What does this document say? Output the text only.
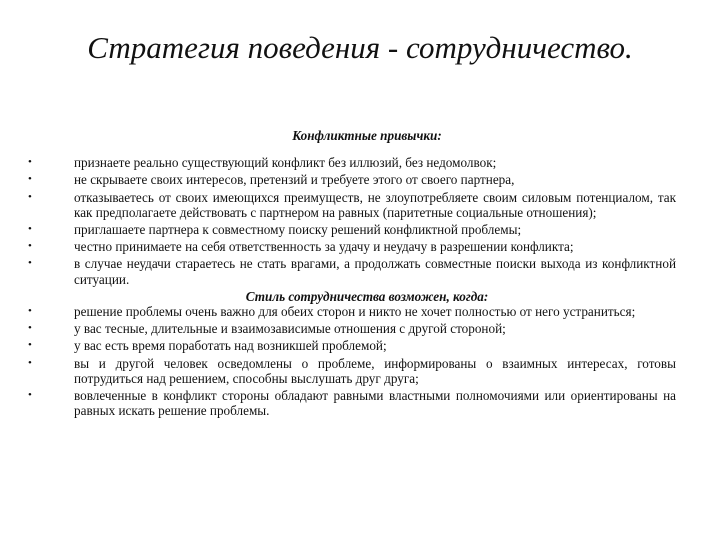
Стратегия поведения - сотрудничество.

Конфликтные привычки:

• признаете реально существующий конфликт без иллюзий, без недомолвок;
• не скрываете своих интересов, претензий и требуете этого от своего партнера,
• отказываетесь от своих имеющихся преимуществ, не злоупотребляете своим силовым потенциалом, так как предполагаете действовать с партнером на равных (паритетные социальные отношения);
• приглашаете партнера к совместному поиску решений конфликтной проблемы;
• честно принимаете на себя ответственность за удачу и неудачу в разрешении конфликта;
• в случае неудачи стараетесь не стать врагами, а продолжать совместные поиски выхода из конфликтной ситуации.

Стиль сотрудничества возможен, когда:

• решение проблемы очень важно для обеих сторон и никто не хочет полностью от него устраниться;
• у вас тесные, длительные и взаимозависимые отношения с другой стороной;
• у вас есть время поработать над возникшей проблемой;
• вы и другой человек осведомлены о проблеме, информированы о взаимных интересах, готовы потрудиться над решением, способны выслушать друг друга;
• вовлеченные в конфликт стороны обладают равными властными полномочиями или ориентированы на равных искать решение проблемы.
